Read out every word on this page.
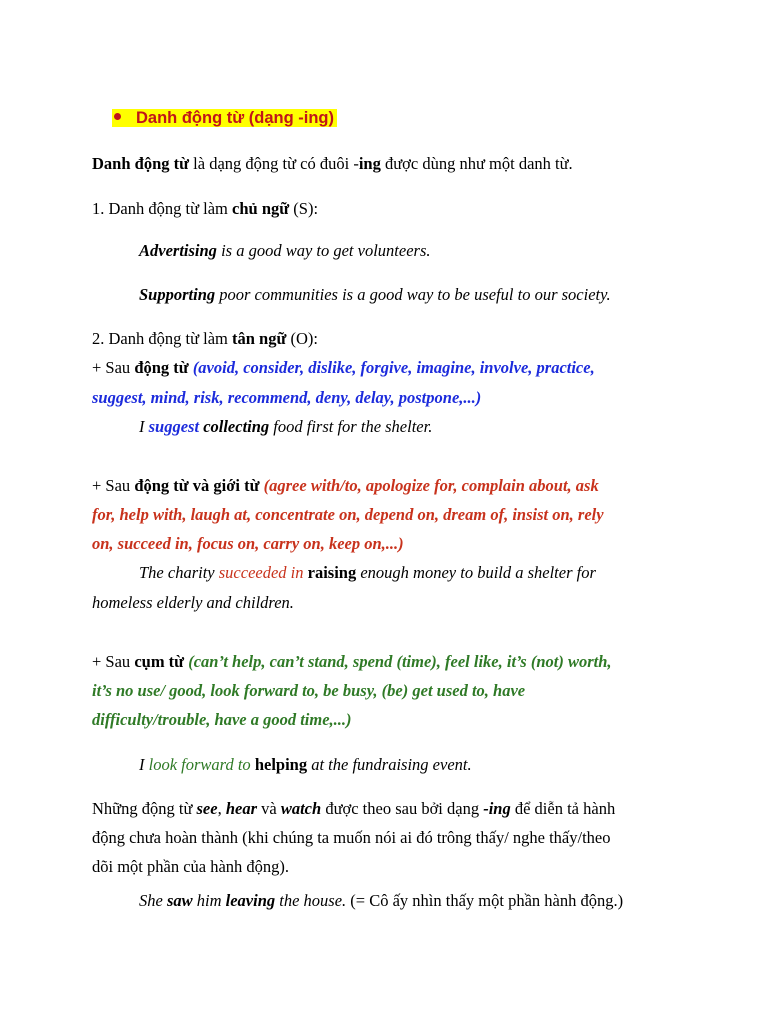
Danh động từ (dạng -ing)
Danh động từ là dạng động từ có đuôi -ing được dùng như một danh từ.
1. Danh động từ làm chủ ngữ (S):
Advertising is a good way to get volunteers.
Supporting poor communities is a good way to be useful to our society.
2. Danh động từ làm tân ngữ (O):
+ Sau động từ (avoid, consider, dislike, forgive, imagine, involve, practice,
suggest, mind, risk, recommend, deny, delay, postpone,...)
I suggest collecting food first for the shelter.
+ Sau động từ và giới từ (agree with/to, apologize for, complain about, ask
for, help with, laugh at, concentrate on, depend on, dream of, insist on, rely
on, succeed in, focus on, carry on, keep on,...)
The charity succeeded in raising enough money to build a shelter for
homeless elderly and children.
+ Sau cụm từ (can’t help, can’t stand, spend (time), feel like, it’s (not) worth,
it’s no use/ good, look forward to, be busy, (be) get used to, have
difficulty/trouble, have a good time,...)
I look forward to helping at the fundraising event.
Những động từ see, hear và watch được theo sau bởi dạng -ing để diễn tả hành
động chưa hoàn thành (khi chúng ta muốn nói ai đó trông thấy/ nghe thấy/theo
dõi một phần của hành động).
She saw him leaving the house. (= Cô ấy nhìn thấy một phần hành động.)
